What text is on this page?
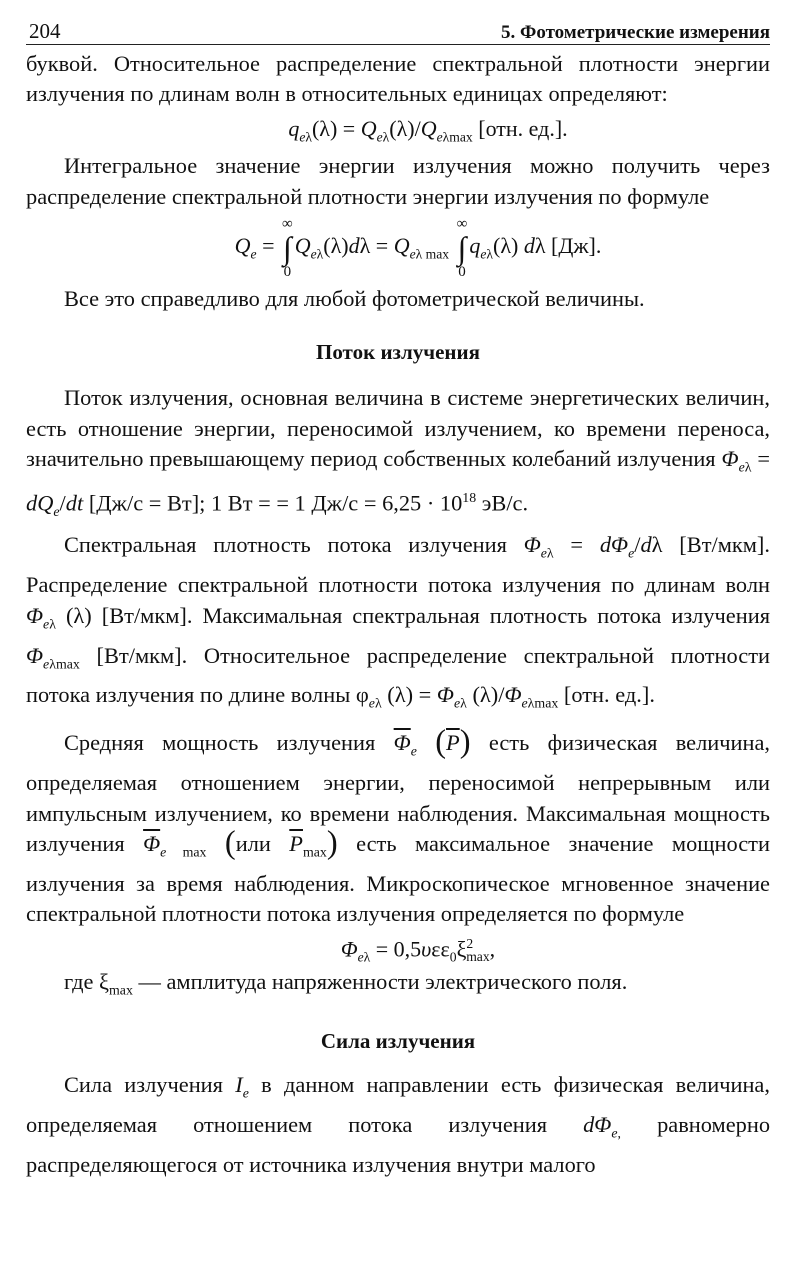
204	5. Фотометрические измерения

буквой. Относительное распределение спектральной плотности энергии излучения по длинам волн в относительных единицах определяют:

$q_{e\lambda}(\lambda) = Q_{e\lambda}(\lambda)/Q_{e\lambda max}$ [отн. ед.].

Интегральное значение энергии излучения можно получить через распределение спектральной плотности энергии излучения по формуле

$Q_e$ =
∞
∫
0
$Q_{e\lambda}(\lambda)d\lambda = Q_{e\lambda max}$
∞
∫
0
$q_{e\lambda}(\lambda)$ dλ [Дж].

Все это справедливо для любой фотометрической величины.

Поток излучения

Поток излучения, основная величина в системе энергетических величин, есть отношение энергии, переносимой излучением, ко времени переноса, значительно превышающему период собственных колебаний излучения $\Phi_{e\lambda} = dQ_e/dt$ [Дж/с = Вт]; 1 Вт = = 1 $Дж/с = 6,25 \cdot 10^{18}$ эВ/с.

Спектральная плотность потока излучения $\Phi_{e\lambda} = d\Phi_e/d\lambda$ [Вт/мкм]. Распределение спектральной плотности потока излучения по длинам волн $\Phi_{e\lambda}$ (λ) [Вт/мкм]. Максимальная спектральная плотность потока излучения $\Phi_{e\lambda max}$ [Вт/мкм]. Относительное распределение спектральной плотности потока излучения по длине волны $\varphi_{e\lambda}$ $(\lambda) = \Phi_{e\lambda}$ $(\lambda)/\Phi_{e\lambda max}$ [отн. ед.].

Средняя мощность излучения $\overline{\Phi}_e$ $(\overline{P})$ есть физическая величина, определяемая отношением энергии, переносимой непрерывным или импульсным излучением, ко времени наблюдения. Максимальная мощность излучения $\overline{\Phi}_{e max}$ (или $\overline{P}_{max}$) есть максимальное значение мощности излучения за время наблюдения. Микроскопическое мгновенное значение спектральной плотности потока излучения определяется по формуле

$\Phi_{e\lambda} = 0,5\upsilon\varepsilon\varepsilon_0\xi^2_{max}$,

где $\xi_{max}$ — амплитуда напряженности электрического поля.

Сила излучения

Сила излучения $I_e$ в данном направлении есть физическая величина, определяемая отношением потока излучения $d\Phi_{e,}$ равномерно распределяющегося от источника излучения внутри малого
